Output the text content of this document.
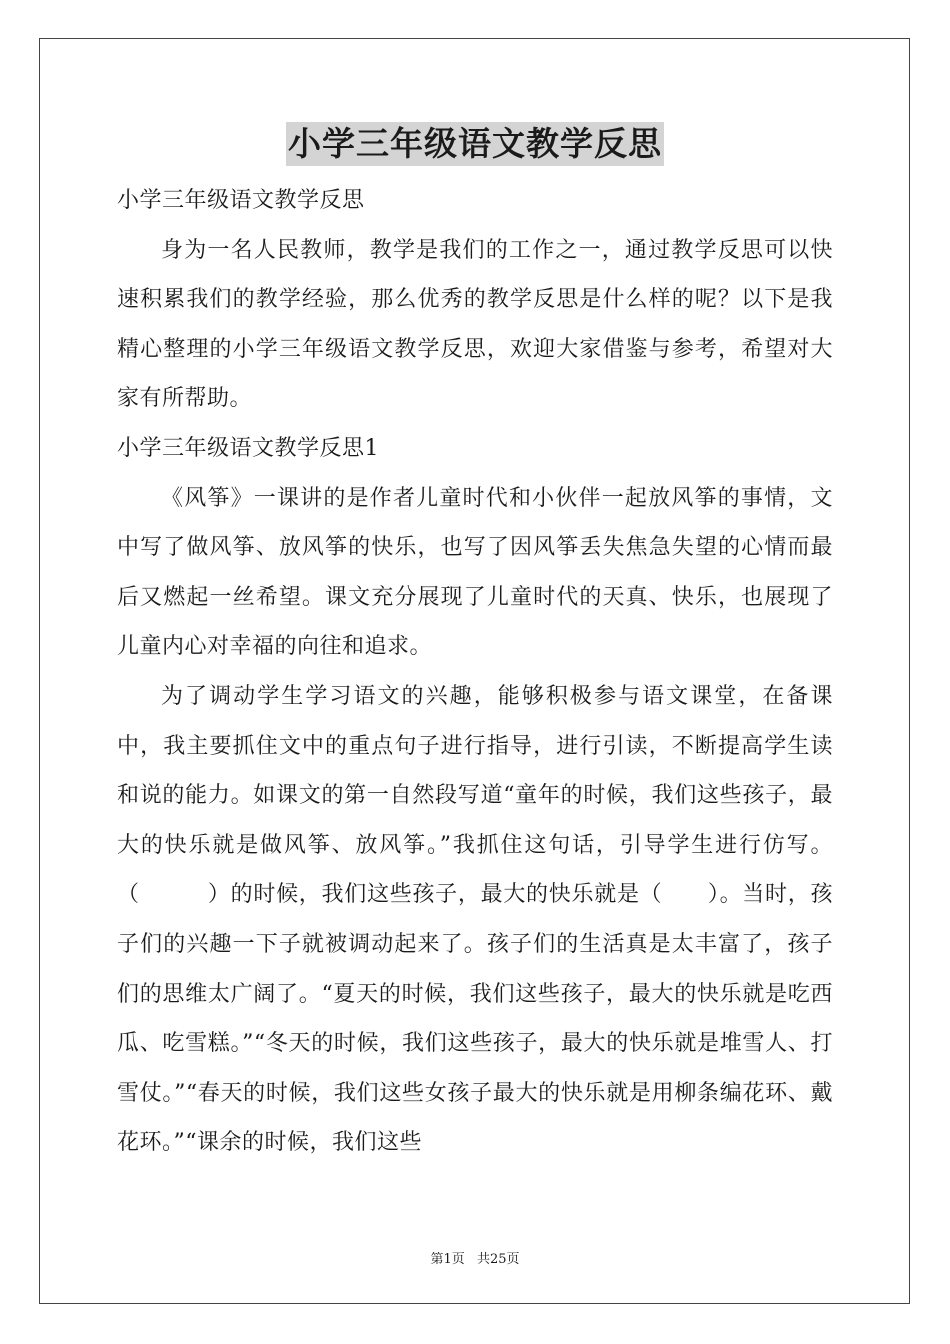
小学三年级语文教学反思

小学三年级语文教学反思

身为一名人民教师，教学是我们的工作之一，通过教学反思可以快速积累我们的教学经验，那么优秀的教学反思是什么样的呢？以下是我精心整理的小学三年级语文教学反思，欢迎大家借鉴与参考，希望对大家有所帮助。

小学三年级语文教学反思1

《风筝》一课讲的是作者儿童时代和小伙伴一起放风筝的事情，文中写了做风筝、放风筝的快乐，也写了因风筝丢失焦急失望的心情而最后又燃起一丝希望。课文充分展现了儿童时代的天真、快乐，也展现了儿童内心对幸福的向往和追求。

为了调动学生学习语文的兴趣，能够积极参与语文课堂，在备课中，我主要抓住文中的重点句子进行指导，进行引读，不断提高学生读和说的能力。如课文的第一自然段写道“童年的时候，我们这些孩子，最大的快乐就是做风筝、放风筝。”我抓住这句话，引导学生进行仿写。（　　　）的时候，我们这些孩子，最大的快乐就是（　　）。当时，孩子们的兴趣一下子就被调动起来了。孩子们的生活真是太丰富了，孩子们的思维太广阔了。“夏天的时候，我们这些孩子，最大的快乐就是吃西瓜、吃雪糕。”“冬天的时候，我们这些孩子，最大的快乐就是堆雪人、打雪仗。”“春天的时候，我们这些女孩子最大的快乐就是用柳条编花环、戴花环。”“课余的时候，我们这些

第1页 共25页
